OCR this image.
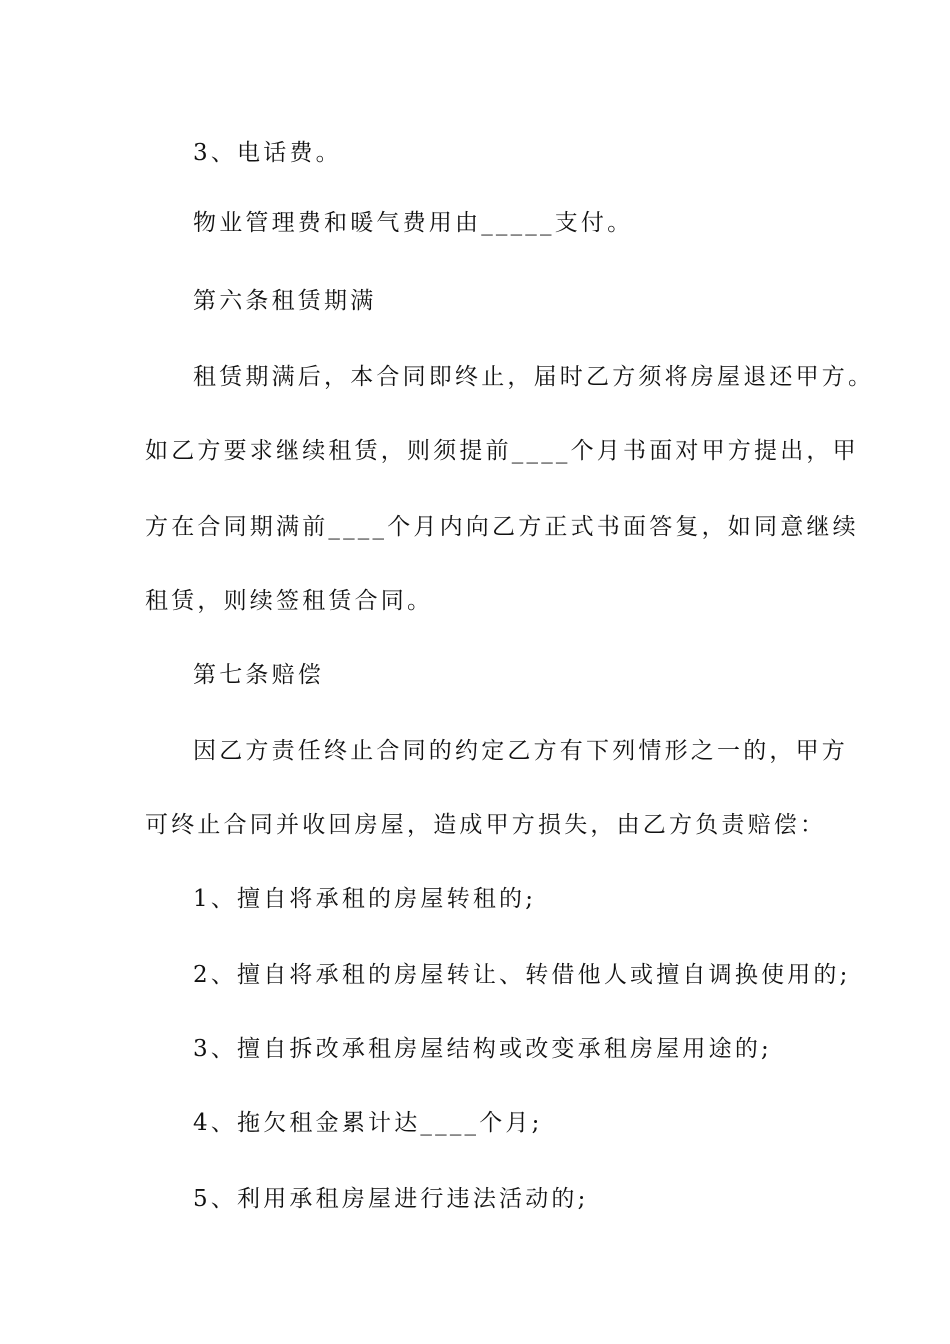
3、电话费。
物业管理费和暖气费用由_____支付。
第六条租赁期满
租赁期满后，本合同即终止，届时乙方须将房屋退还甲方。
如乙方要求继续租赁，则须提前____个月书面对甲方提出，甲
方在合同期满前____个月内向乙方正式书面答复，如同意继续
租赁，则续签租赁合同。
第七条赔偿
因乙方责任终止合同的约定乙方有下列情形之一的，甲方
可终止合同并收回房屋，造成甲方损失，由乙方负责赔偿：
1、擅自将承租的房屋转租的;
2、擅自将承租的房屋转让、转借他人或擅自调换使用的;
3、擅自拆改承租房屋结构或改变承租房屋用途的;
4、拖欠租金累计达____个月;
5、利用承租房屋进行违法活动的;
